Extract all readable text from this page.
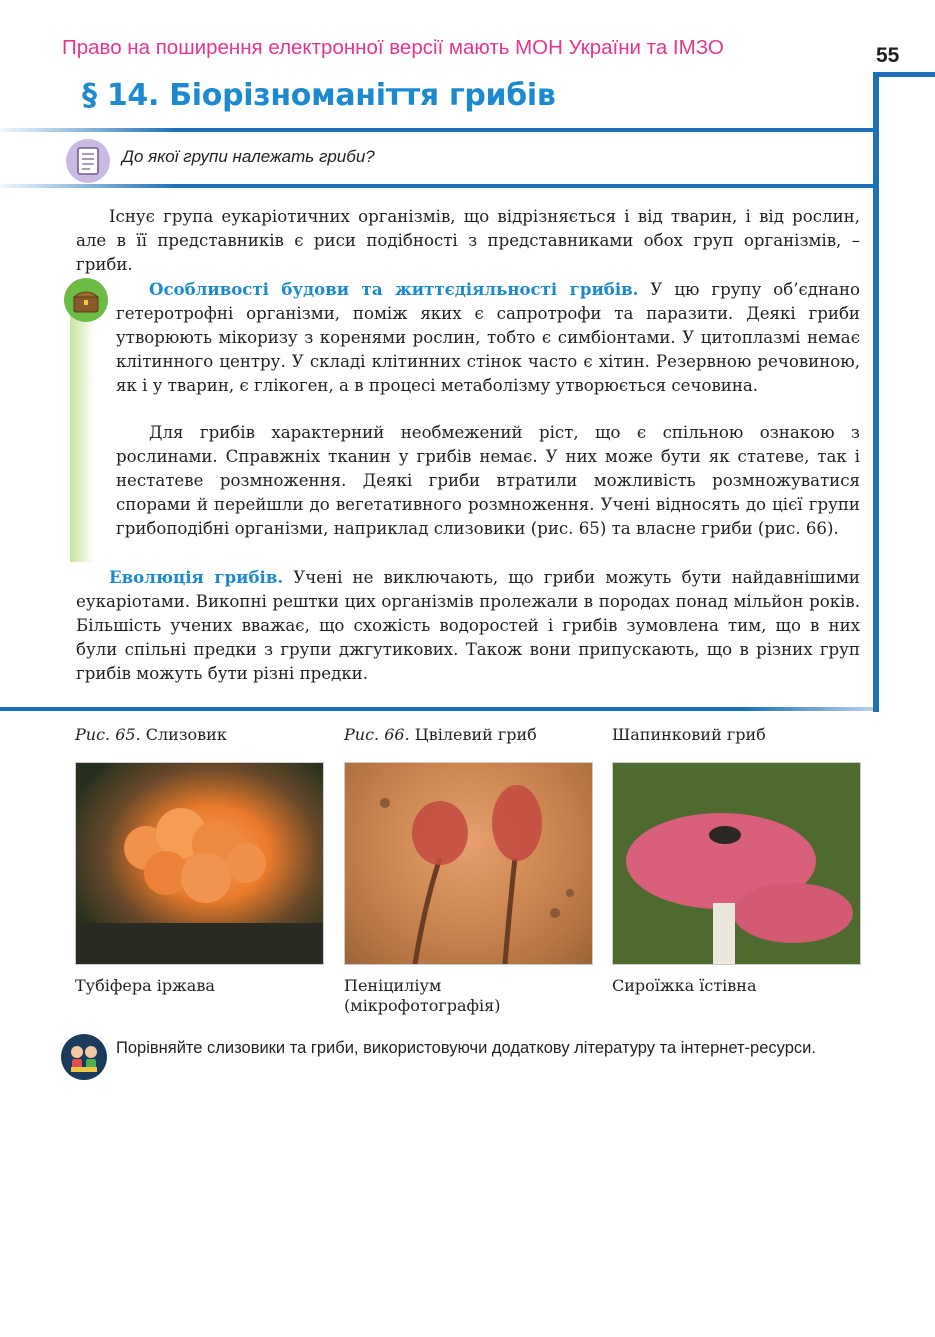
Право на поширення електронної версії мають МОН України та ІМЗО	55
§ 14. Біорізноманіття грибів
До якої групи належать гриби?
Існує група еукаріотичних організмів, що відрізняється і від тварин, і від рослин, але в її представників є риси подібності з представниками обох груп організмів, – гриби.
Особливості будови та життєдіяльності грибів. У цю групу об’єднано гетеротрофні організми, поміж яких є сапротрофи та паразити. Деякі гриби утворюють мікоризу з коренями рослин, тобто є симбіонтами. У цитоплазмі немає клітинного центру. У складі клітинних стінок часто є хітин. Резервною речовиною, як і у тварин, є глікоген, а в процесі метаболізму утворюється сечовина.
Для грибів характерний необмежений ріст, що є спільною ознакою з рослинами. Справжніх тканин у грибів немає. У них може бути як статеве, так і нестатеве розмноження. Деякі гриби втратили можливість розмножуватися спорами й перейшли до вегетативного розмноження. Учені відносять до цієї групи грибоподібні організми, наприклад слизовики (рис. 65) та власне гриби (рис. 66).
Еволюція грибів. Учені не виключають, що гриби можуть бути найдавнішими еукаріотами. Викопні рештки цих організмів пролежали в породах понад мільйон років. Більшість учених вважає, що схожість водоростей і грибів зумовлена тим, що в них були спільні предки з групи джгутикових. Також вони припускають, що в різних груп грибів можуть бути різні предки.
Рис. 65. Слизовик	Рис. 66. Цвілевий гриб	Шапинковий гриб
Тубіфера іржава	Пеніциліум (мікрофотографія)
Сироїжка їстівна
Порівняйте слизовики та гриби, використовуючи додаткову літературу та інтернет-ресурси.
